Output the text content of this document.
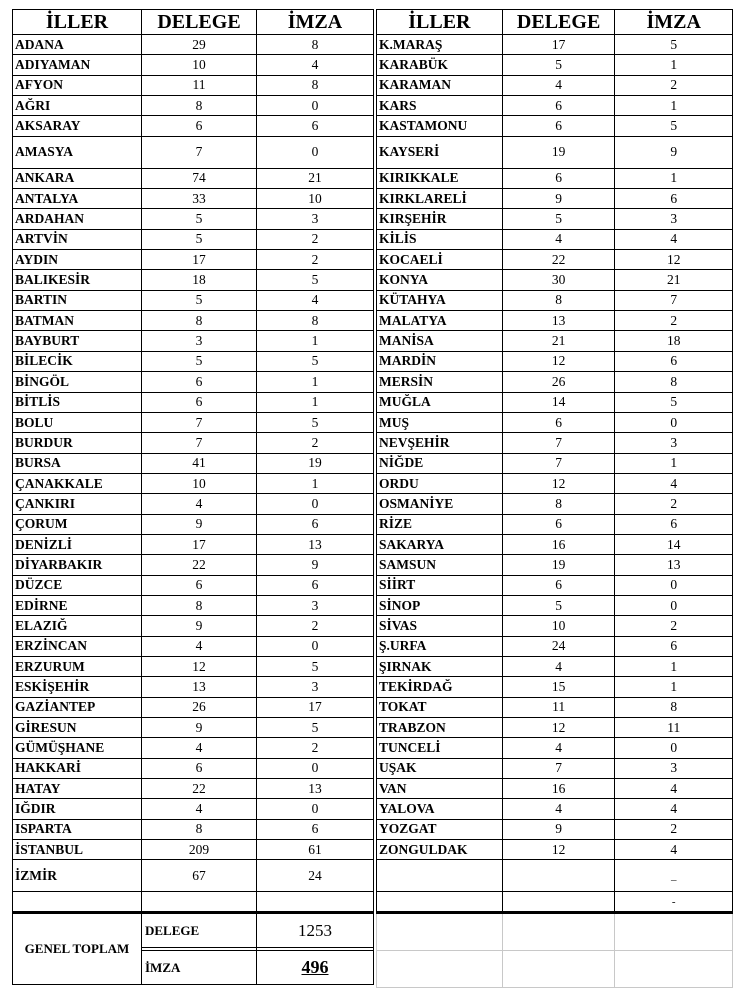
İLLER	DELEGE	İMZA
ADANA	29	8
ADIYAMAN	10	4
AFYON	11	8
AĞRI	8	0
AKSARAY	6	6
AMASYA	7	0
ANKARA	74	21
ANTALYA	33	10
ARDAHAN	5	3
ARTVİN	5	2
AYDIN	17	2
BALIKESİR	18	5
BARTIN	5	4
BATMAN	8	8
BAYBURT	3	1
BİLECİK	5	5
BİNGÖL	6	1
BİTLİS	6	1
BOLU	7	5
BURDUR	7	2
BURSA	41	19
ÇANAKKALE	10	1
ÇANKIRI	4	0
ÇORUM	9	6
DENİZLİ	17	13
DİYARBAKIR	22	9
DÜZCE	6	6
EDİRNE	8	3
ELAZIĞ	9	2
ERZİNCAN	4	0
ERZURUM	12	5
ESKİŞEHİR	13	3
GAZİANTEP	26	17
GİRESUN	9	5
GÜMÜŞHANE	4	2
HAKKARİ	6	0
HATAY	22	13
IĞDIR	4	0
ISPARTA	8	6
İSTANBUL	209	61
İZMİR	67	24

İLLER	DELEGE	İMZA
K.MARAŞ	17	5
KARABÜK	5	1
KARAMAN	4	2
KARS	6	1
KASTAMONU	6	5
KAYSERİ	19	9
KIRIKKALE	6	1
KIRKLARELİ	9	6
KIRŞEHİR	5	3
KİLİS	4	4
KOCAELİ	22	12
KONYA	30	21
KÜTAHYA	8	7
MALATYA	13	2
MANİSA	21	18
MARDİN	12	6
MERSİN	26	8
MUĞLA	14	5
MUŞ	6	0
NEVŞEHİR	7	3
NİĞDE	7	1
ORDU	12	4
OSMANİYE	8	2
RİZE	6	6
SAKARYA	16	14
SAMSUN	19	13
SİİRT	6	0
SİNOP	5	0
SİVAS	10	2
Ş.URFA	24	6
ŞIRNAK	4	1
TEKİRDAĞ	15	1
TOKAT	11	8
TRABZON	12	11
TUNCELİ	4	0
UŞAK	7	3
VAN	16	4
YALOVA	4	4
YOZGAT	9	2
ZONGULDAK	12	4
		_
		-
GENEL TOPLAM	DELEGE	1253

	İMZA	496
